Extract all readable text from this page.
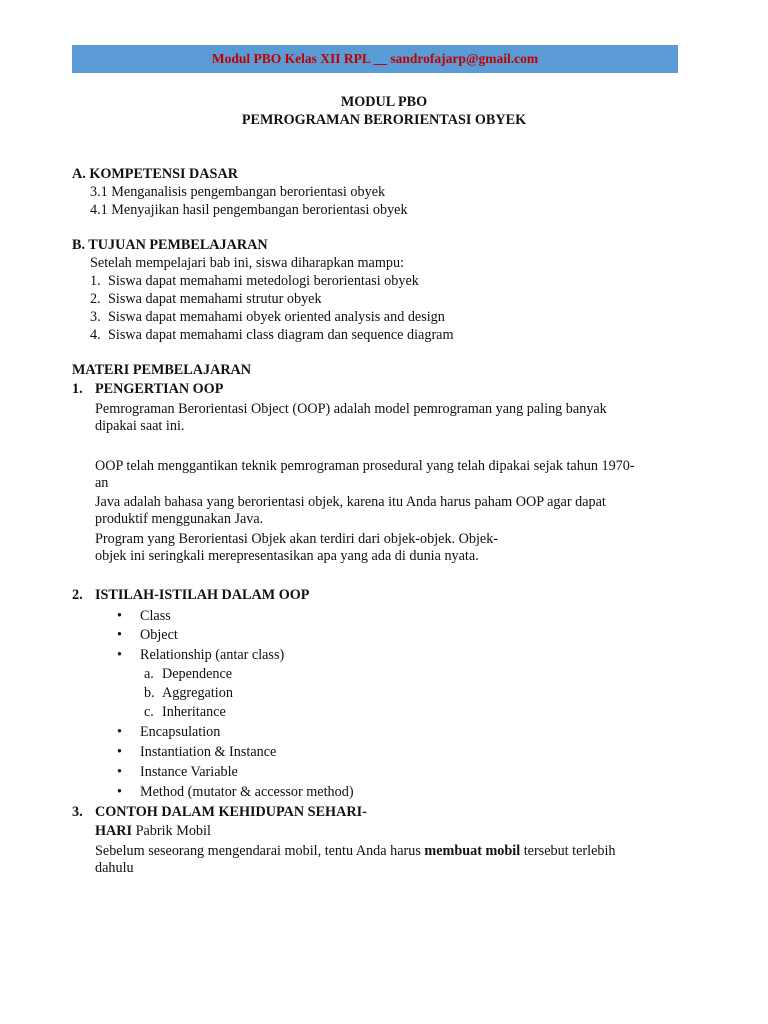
Modul PBO Kelas XII RPL __ sandrofajarp@gmail.com
MODUL PBO
PEMROGRAMAN BERORIENTASI OBYEK
A. KOMPETENSI DASAR
3.1 Menganalisis pengembangan berorientasi obyek
4.1 Menyajikan hasil pengembangan berorientasi obyek
B. TUJUAN PEMBELAJARAN
Setelah mempelajari bab ini, siswa diharapkan mampu:
1. Siswa dapat memahami metedologi berorientasi obyek
2. Siswa dapat memahami strutur obyek
3. Siswa dapat memahami obyek oriented analysis and design
4. Siswa dapat memahami class diagram dan sequence diagram
MATERI PEMBELAJARAN
1. PENGERTIAN OOP
Pemrograman Berorientasi Object (OOP) adalah model pemrograman yang paling banyak
dipakai saat ini.
OOP telah menggantikan teknik pemrograman prosedural yang telah dipakai sejak tahun 1970-
an
Java adalah bahasa yang berorientasi objek, karena itu Anda harus paham OOP agar dapat
produktif menggunakan Java.
Program yang Berorientasi Objek akan terdiri dari objek-objek. Objek-
objek ini seringkali merepresentasikan apa yang ada di dunia nyata.
2. ISTILAH-ISTILAH DALAM OOP
• Class
• Object
• Relationship (antar class)
a. Dependence
b. Aggregation
c. Inheritance
• Encapsulation
• Instantiation & Instance
• Instance Variable
• Method (mutator & accessor method)
3. CONTOH DALAM KEHIDUPAN SEHARI-
HARI Pabrik Mobil
Sebelum seseorang mengendarai mobil, tentu Anda harus membuat mobil tersebut terlebih
dahulu
